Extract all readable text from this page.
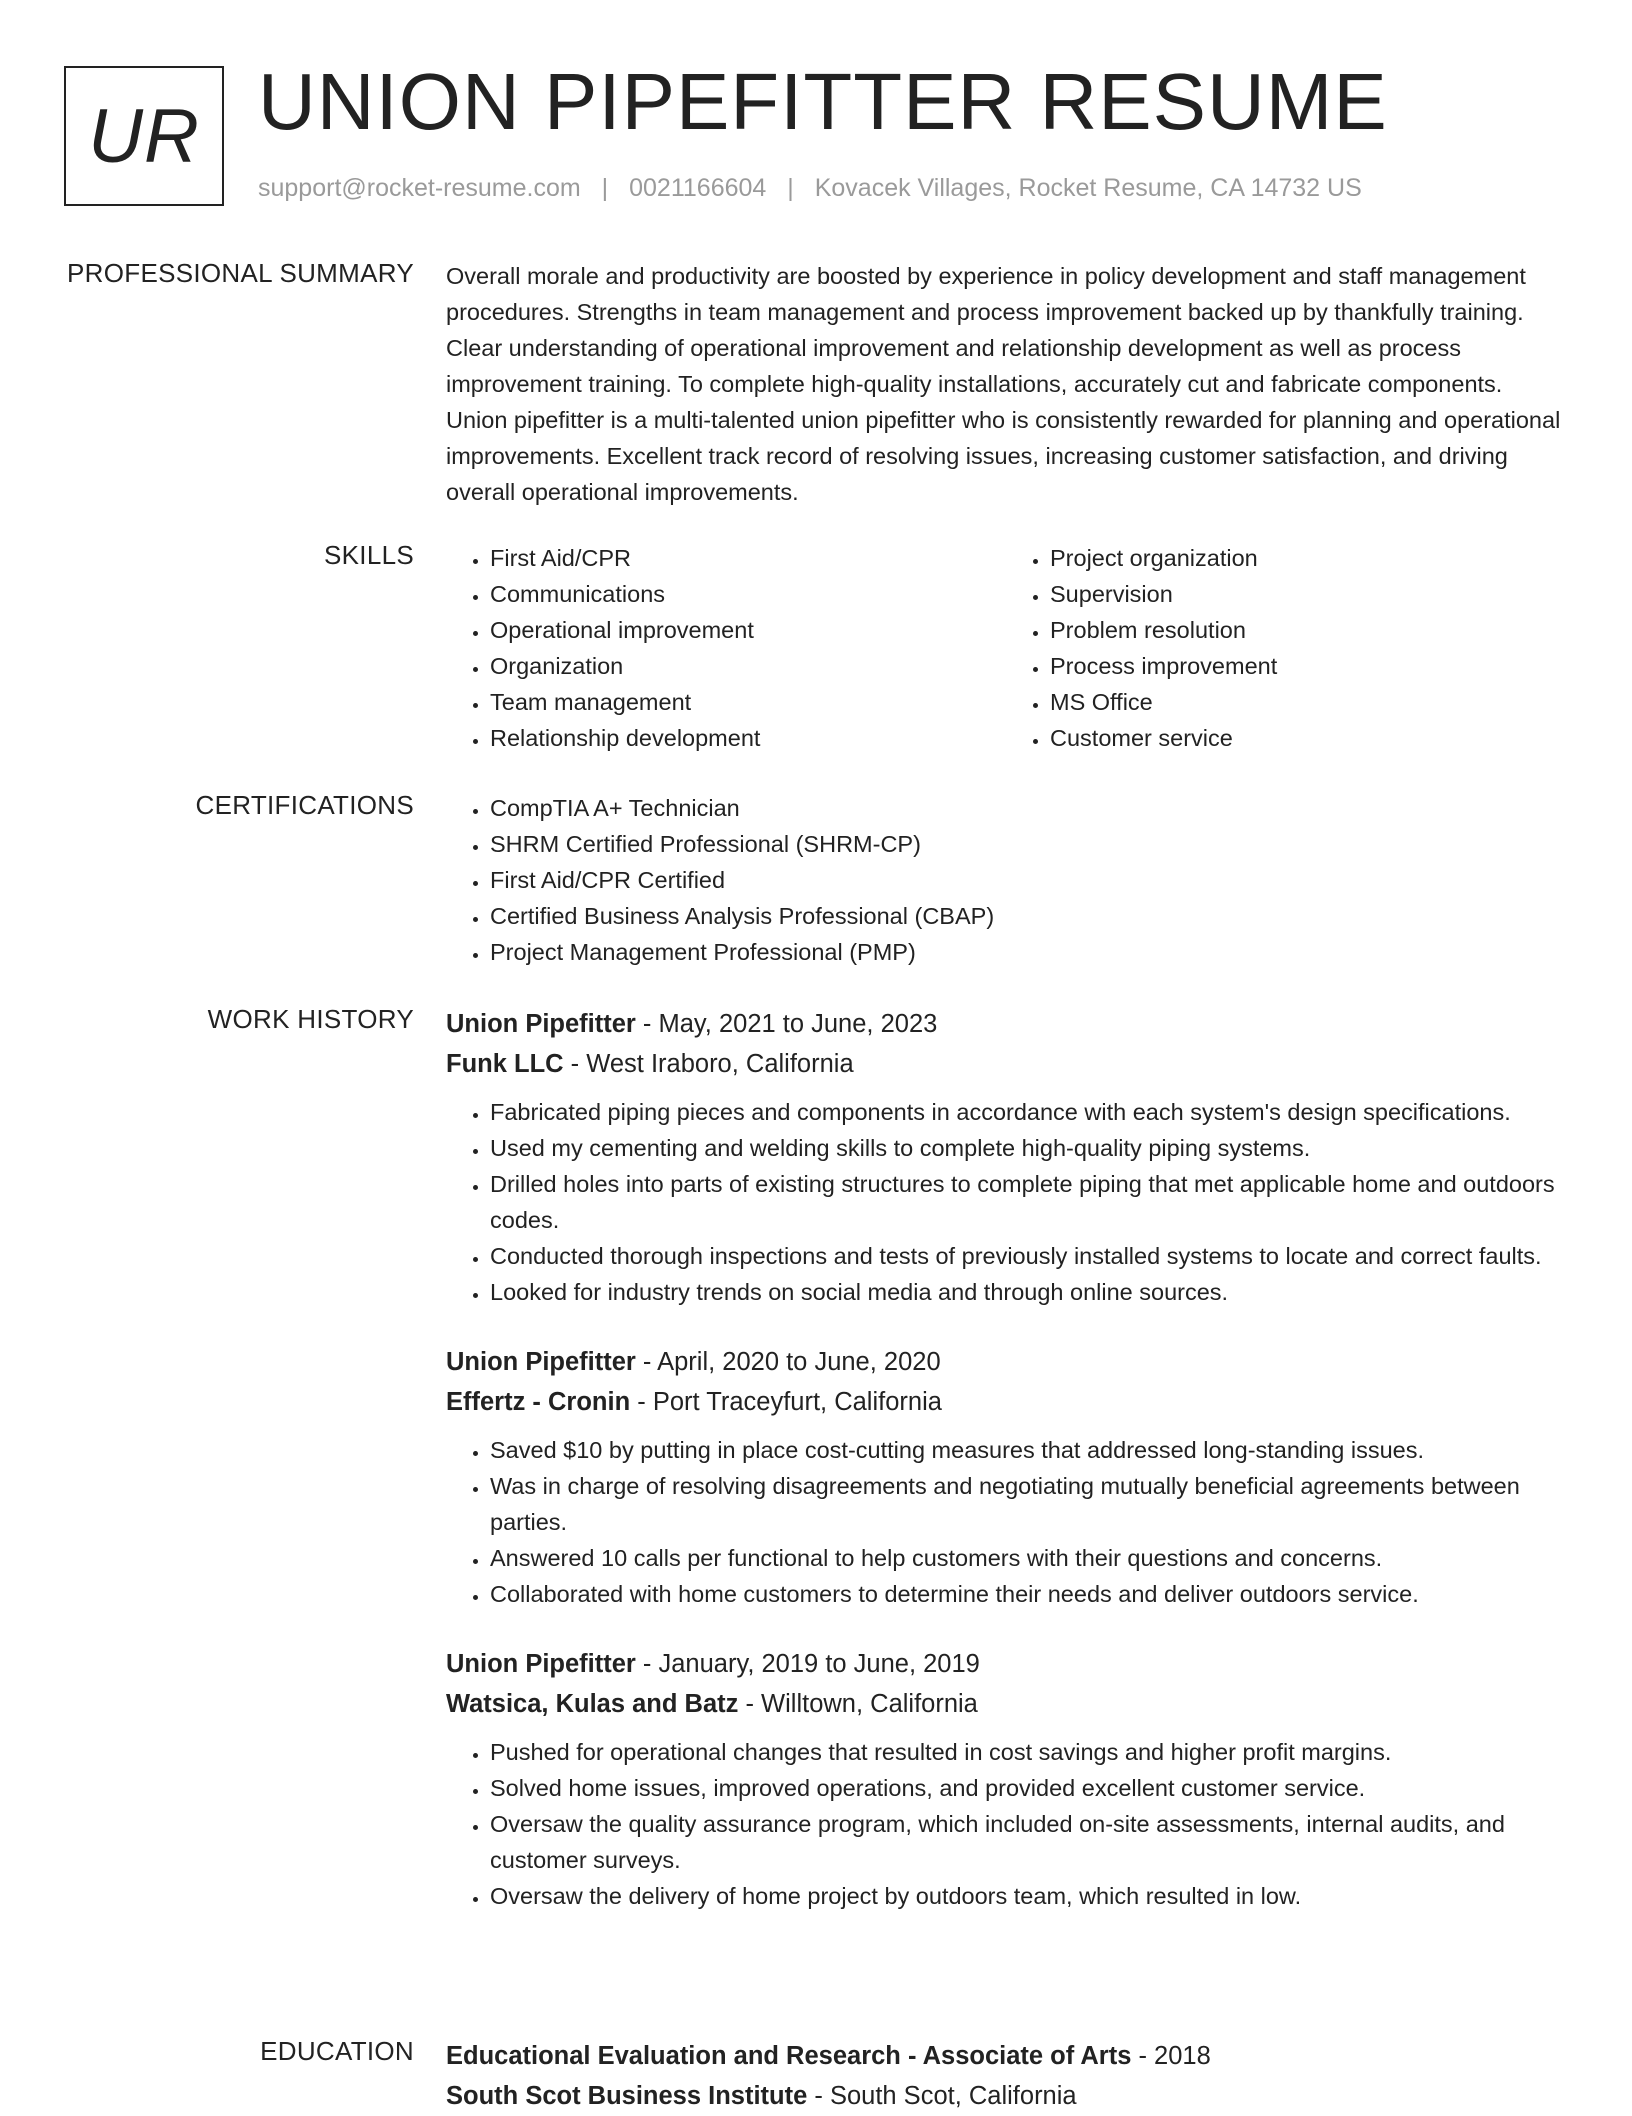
UR UNION PIPEFITTER RESUME
support@rocket-resume.com | 0021166604 | Kovacek Villages, Rocket Resume, CA 14732 US
PROFESSIONAL SUMMARY Overall morale and productivity are boosted by experience in policy development and staff management procedures. Strengths in team management and process improvement backed up by thankfully training. Clear understanding of operational improvement and relationship development as well as process improvement training. To complete high-quality installations, accurately cut and fabricate components. Union pipefitter is a multi-talented union pipefitter who is consistently rewarded for planning and operational improvements. Excellent track record of resolving issues, increasing customer satisfaction, and driving overall operational improvements.

SKILLS	• First Aid/CPR
• Communications
• Operational improvement
• Organization
• Team management
• Relationship development
• Project organization
• Supervision
• Problem resolution
• Process improvement
• MS Office
• Customer service
CERTIFICATIONS	• CompTIA A+ Technician
• SHRM Certified Professional (SHRM-CP)
• First Aid/CPR Certified
• Certified Business Analysis Professional (CBAP)
• Project Management Professional (PMP)
WORK HISTORY Union Pipefitter - May, 2021 to June, 2023
Funk LLC - West Iraboro, California
• Fabricated piping pieces and components in accordance with each system's design specifications.
• Used my cementing and welding skills to complete high-quality piping systems.
• Drilled holes into parts of existing structures to complete piping that met applicable home and outdoors codes.
• Conducted thorough inspections and tests of previously installed systems to locate and correct faults.
• Looked for industry trends on social media and through online sources.
Union Pipefitter - April, 2020 to June, 2020
Effertz - Cronin - Port Traceyfurt, California
• Saved $10 by putting in place cost-cutting measures that addressed long-standing issues.
• Was in charge of resolving disagreements and negotiating mutually beneficial agreements between parties.
• Answered 10 calls per functional to help customers with their questions and concerns.
• Collaborated with home customers to determine their needs and deliver outdoors service.
Union Pipefitter - January, 2019 to June, 2019
Watsica, Kulas and Batz - Willtown, California
• Pushed for operational changes that resulted in cost savings and higher profit margins.
• Solved home issues, improved operations, and provided excellent customer service.
• Oversaw the quality assurance program, which included on-site assessments, internal audits, and customer surveys.
• Oversaw the delivery of home project by outdoors team, which resulted in low.
EDUCATION Educational Evaluation and Research - Associate of Arts - 2018
South Scot Business Institute - South Scot, California
